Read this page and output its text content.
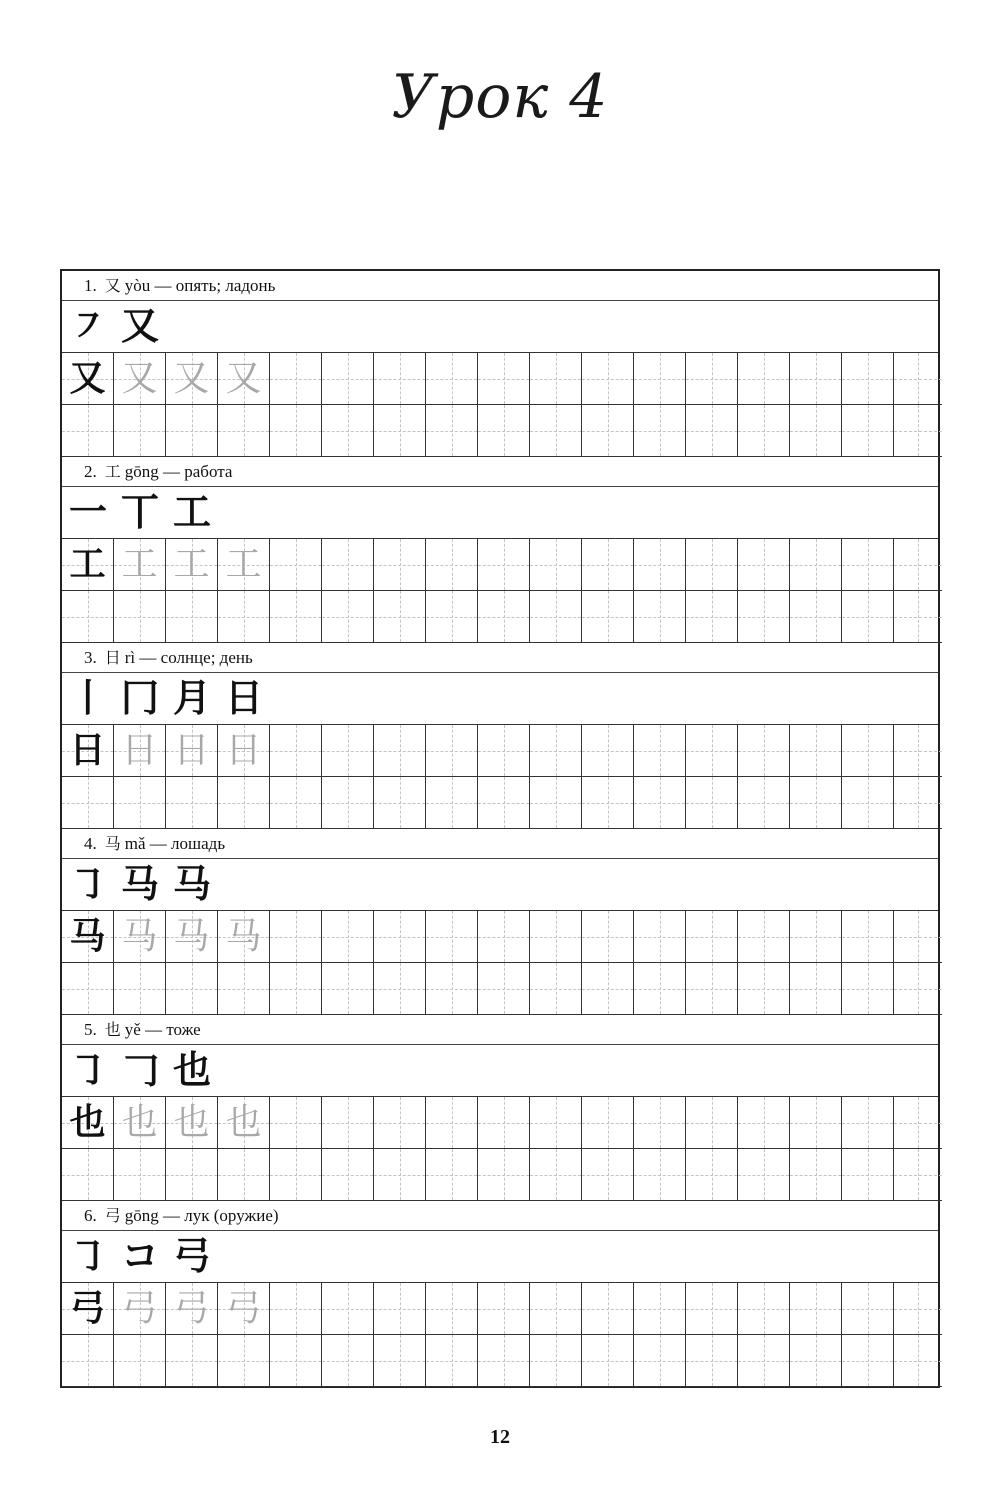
Урок 4
1. 又 yòu — опять; ладонь
㇇ 又
又 又 又 又
2. 工 gōng — работа
一 丅 工
工 工 工 工
3. 日 rì — солнце; день
丨 冂 月 日
日 日 日 日
4. 马 mǎ — лошадь
㇆ 马 马
马 马 马 马
5. 也 yě — тоже
㇆ 𠃌 也
也 也 也 也
6. 弓 gōng — лук (оружие)
㇆ コ 弓
弓 弓 弓 弓
12
